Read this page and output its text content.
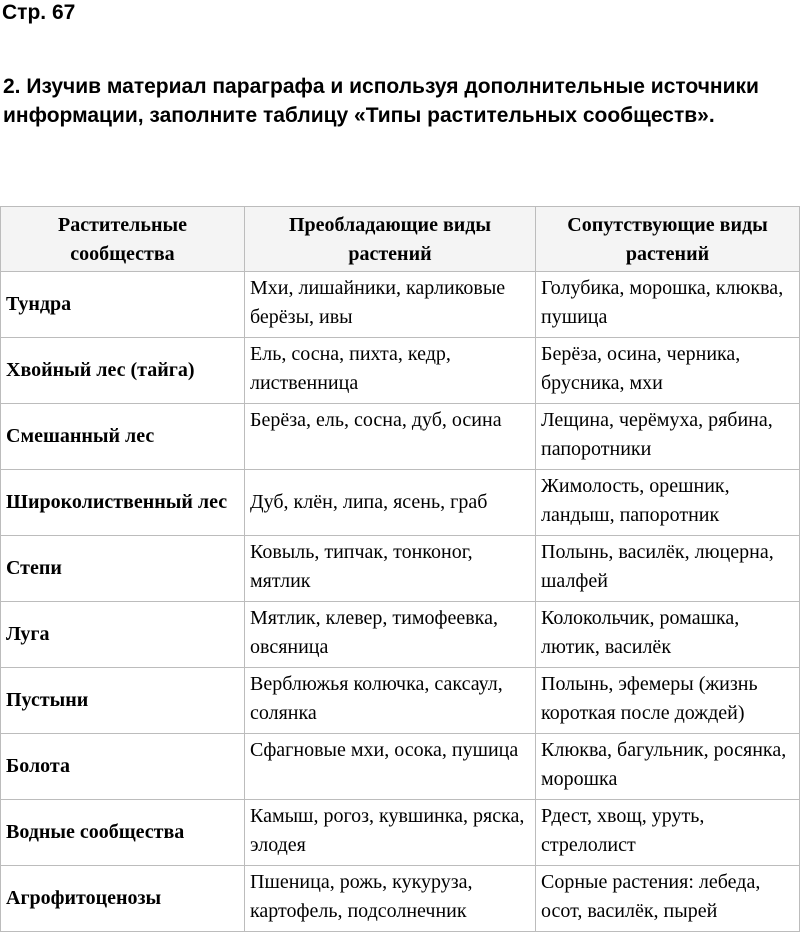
Стр. 67

2. Изучив материал параграфа и используя дополнительные источники информации, заполните таблицу «Типы растительных сообществ».

Растительные сообщества	Преобладающие виды растений	Сопутствующие виды растений
Тундра	Мхи, лишайники, карликовые берёзы, ивы	Голубика, морошка, клюква, пушица
Хвойный лес (тайга)	Ель, сосна, пихта, кедр, лиственница	Берёза, осина, черника, брусника, мхи
Смешанный лес	Берёза, ель, сосна, дуб, осина	Лещина, черёмуха, рябина, папоротники
Широколиственный лес	Дуб, клён, липа, ясень, граб	Жимолость, орешник, ландыш, папоротник
Степи	Ковыль, типчак, тонконог, мятлик	Полынь, василёк, люцерна, шалфей
Луга	Мятлик, клевер, тимофеевка, овсяница	Колокольчик, ромашка, лютик, василёк
Пустыни	Верблюжья колючка, саксаул, солянка	Полынь, эфемеры (жизнь короткая после дождей)
Болота	Сфагновые мхи, осока, пушица	Клюква, багульник, росянка, морошка
Водные сообщества	Камыш, рогоз, кувшинка, ряска, элодея	Рдест, хвощ, уруть, стрелолист
Агрофитоценозы	Пшеница, рожь, кукуруза, картофель, подсолнечник	Сорные растения: лебеда, осот, василёк, пырей
